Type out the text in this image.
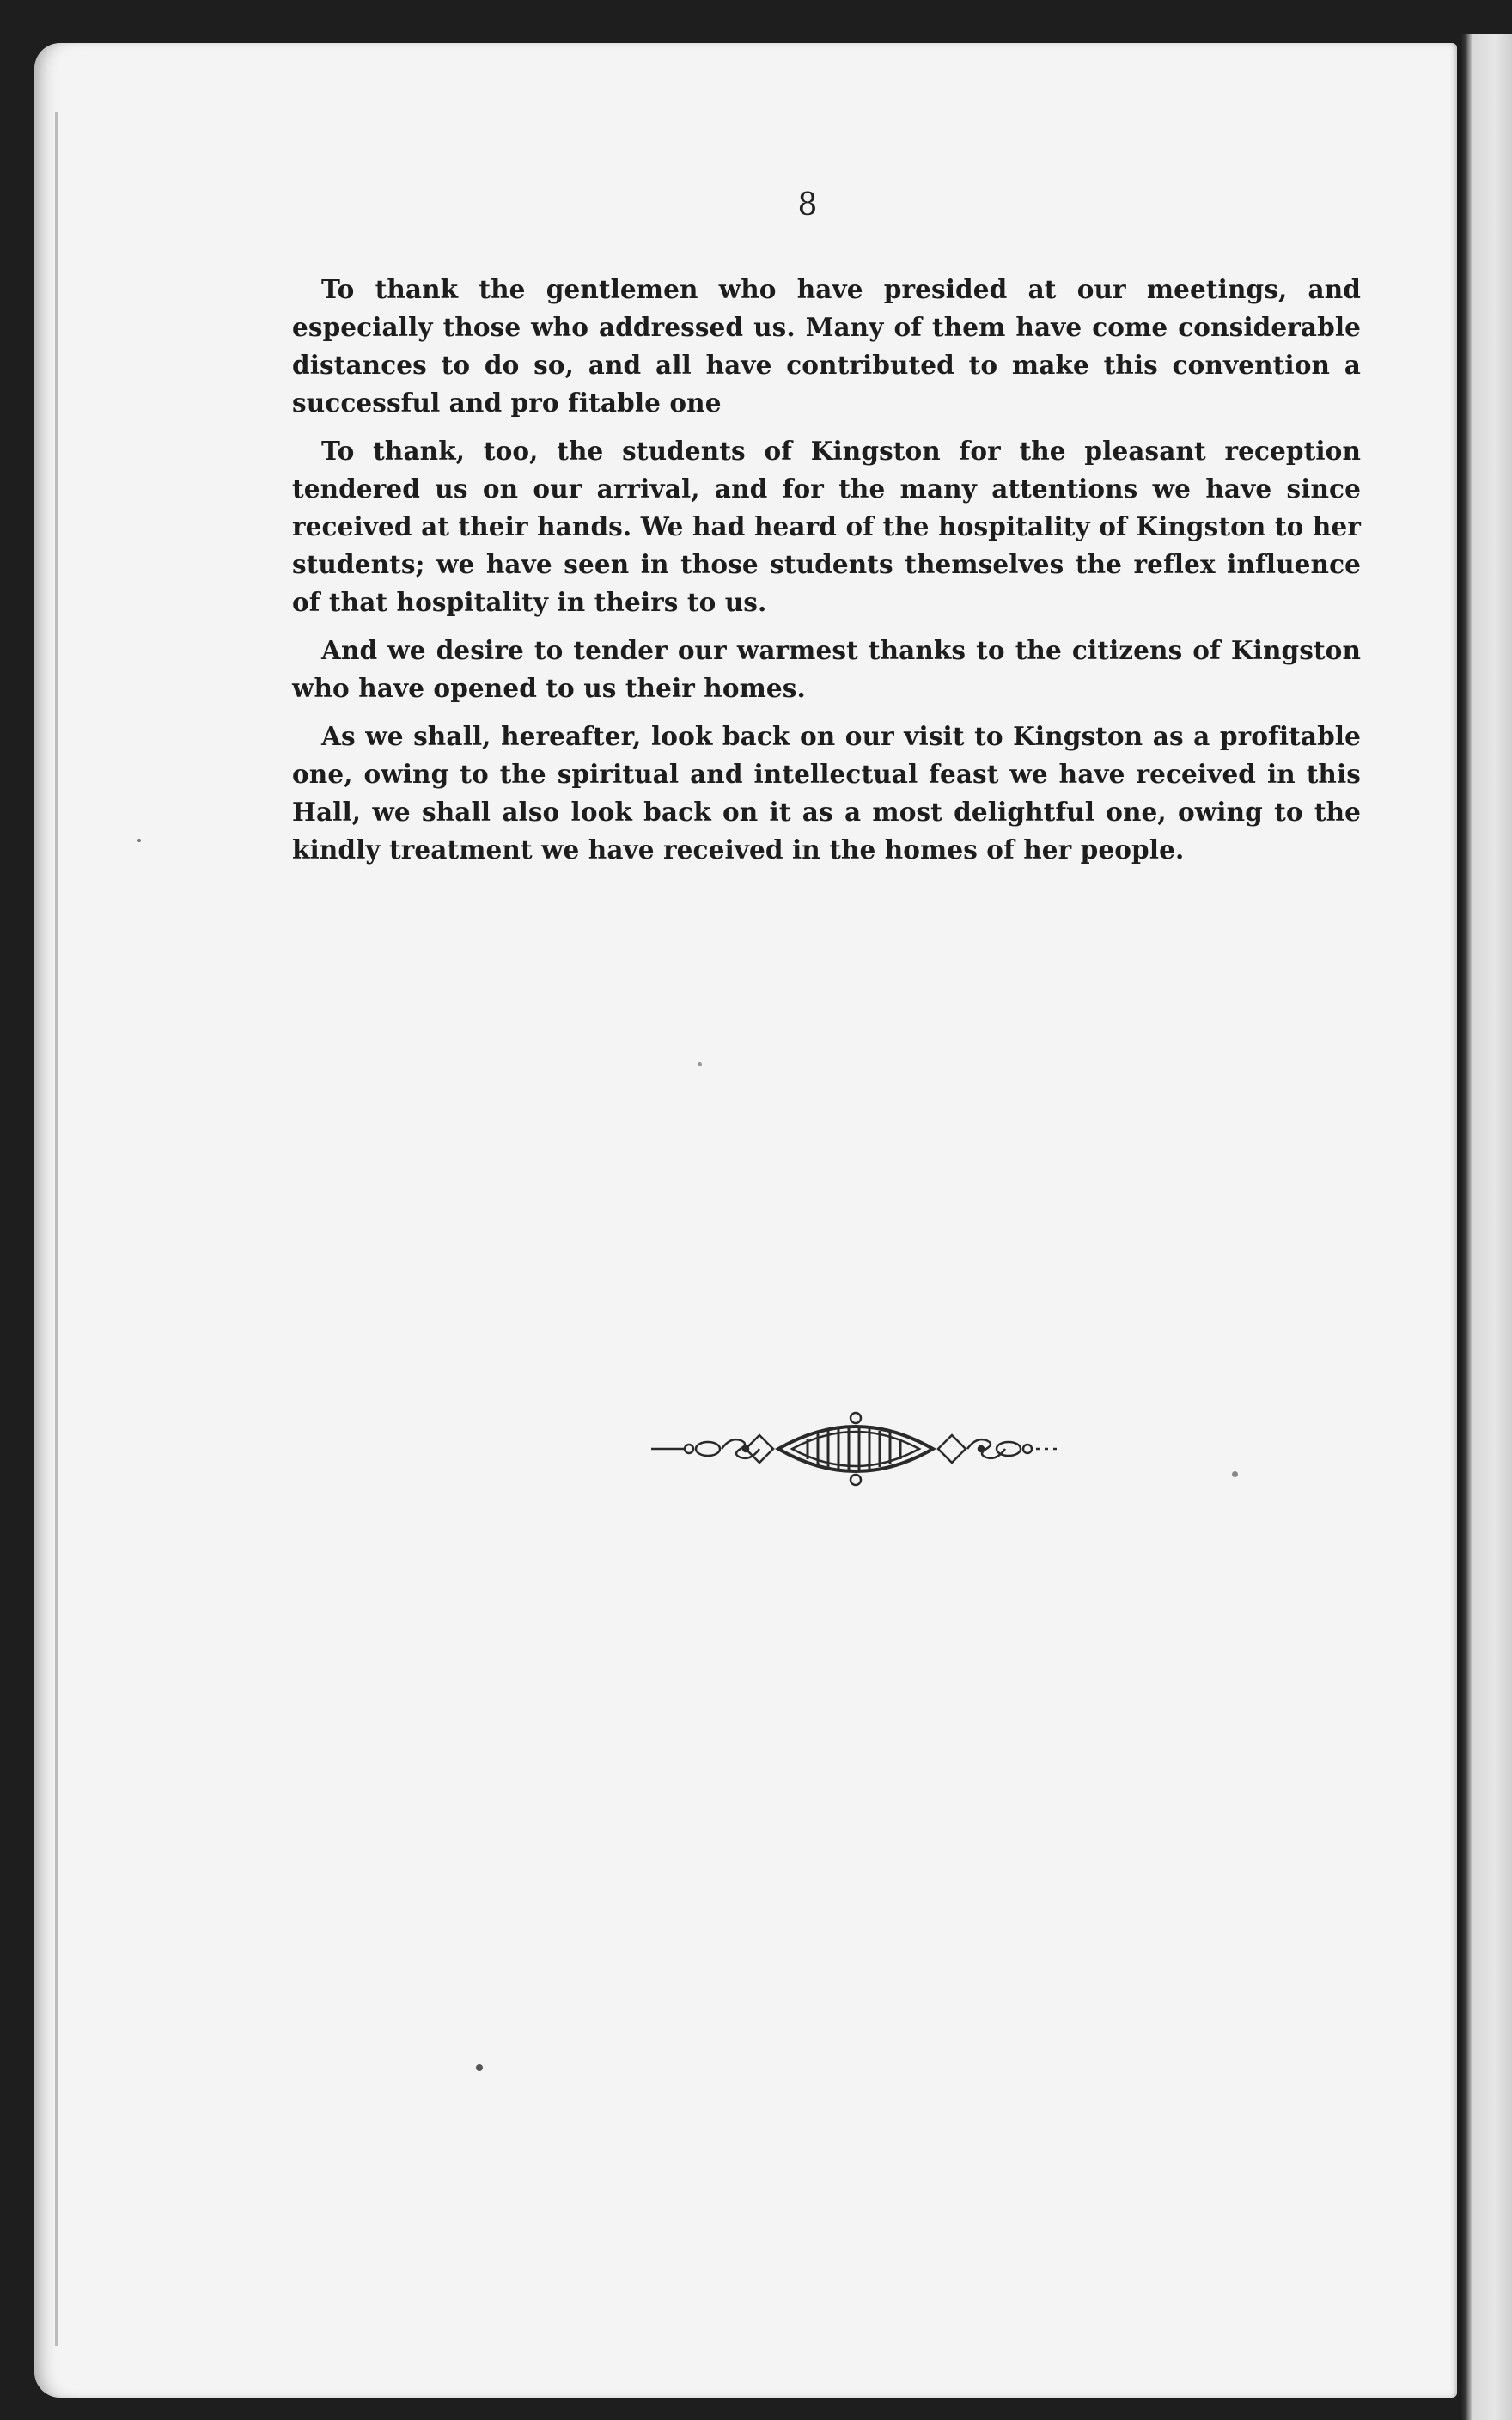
8

To thank the gentlemen who have presided at our meetings, and especially those who addressed us. Many of them have come considerable distances to do so, and all have contributed to make this convention a successful and pro fitable one

To thank, too, the students of Kingston for the pleasant reception tendered us on our arrival, and for the many attentions we have since received at their hands. We had heard of the hospitality of Kingston to her students; we have seen in those students themselves the reflex influence of that hospitality in theirs to us.

And we desire to tender our warmest thanks to the citizens of Kingston who have opened to us their homes.

As we shall, hereafter, look back on our visit to Kingston as a profitable one, owing to the spiritual and intellectual feast we have received in this Hall, we shall also look back on it as a most delightful one, owing to the kindly treatment we have received in the homes of her people.
